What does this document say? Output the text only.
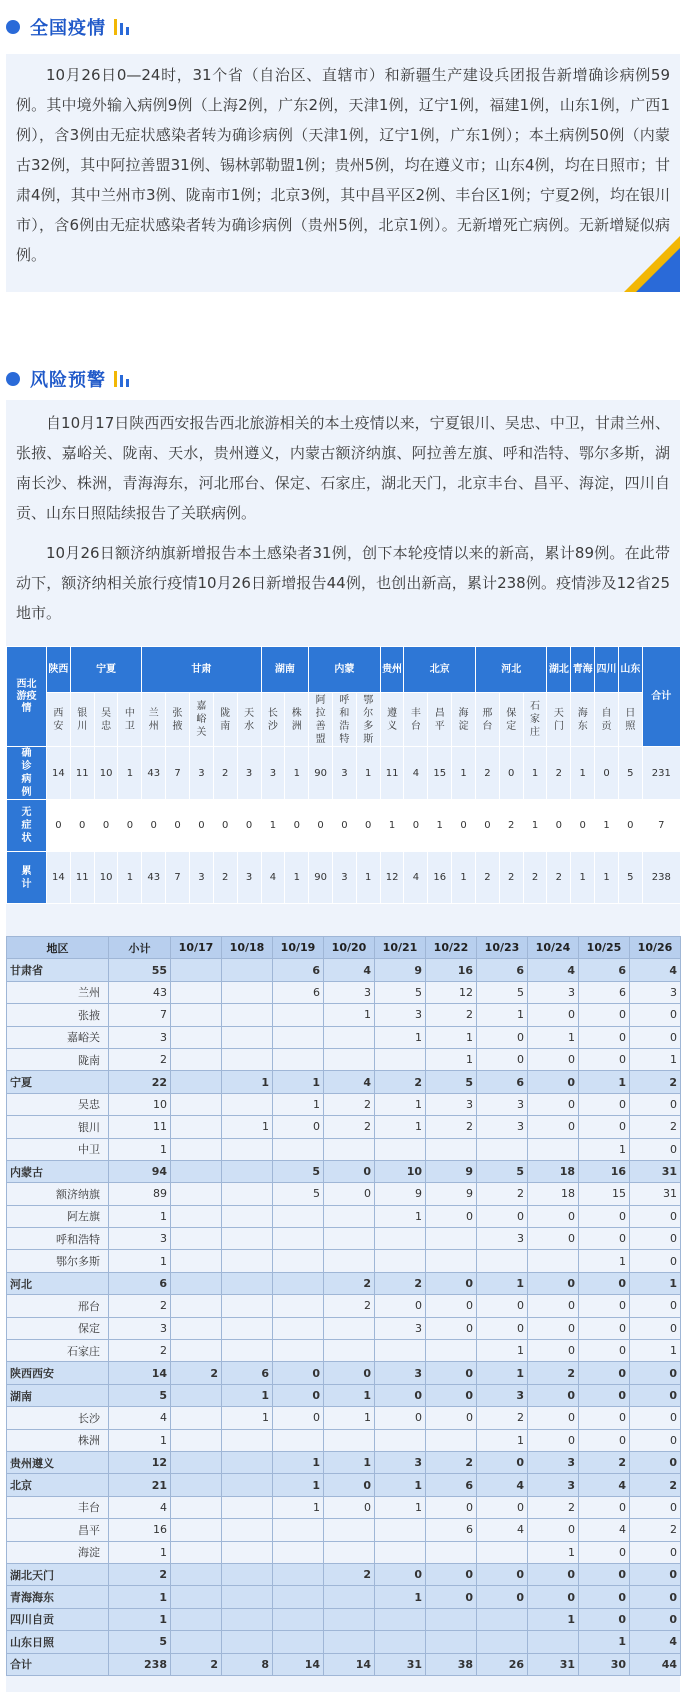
全国疫情

10月26日0—24时，31个省（自治区、直辖市）和新疆生产建设兵团报告新增确诊病例59例。其中境外输入病例9例（上海2例，广东2例，天津1例，辽宁1例，福建1例，山东1例，广西1例），含3例由无症状感染者转为确诊病例（天津1例，辽宁1例，广东1例）；本土病例50例（内蒙古32例，其中阿拉善盟31例、锡林郭勒盟1例；贵州5例，均在遵义市；山东4例，均在日照市；甘肃4例，其中兰州市3例、陇南市1例；北京3例，其中昌平区2例、丰台区1例；宁夏2例，均在银川市），含6例由无症状感染者转为确诊病例（贵州5例，北京1例）。无新增死亡病例。无新增疑似病例。

风险预警

自10月17日陕西西安报告西北旅游相关的本土疫情以来，宁夏银川、吴忠、中卫，甘肃兰州、张掖、嘉峪关、陇南、天水，贵州遵义，内蒙古额济纳旗、阿拉善左旗、呼和浩特、鄂尔多斯，湖南长沙、株洲，青海海东，河北邢台、保定、石家庄，湖北天门，北京丰台、昌平、海淀，四川自贡、山东日照陆续报告了关联病例。

10月26日额济纳旗新增报告本土感染者31例，创下本轮疫情以来的新高，累计89例。在此带动下，额济纳相关旅行疫情10月26日新增报告44例，也创出新高，累计238例。疫情涉及12省25地市。

西北游疫情	陕西	宁夏			甘肃					湖南		内蒙			贵州	北京			河北			湖北	青海	四川	山东	合计
	西安	银川	吴忠	中卫	兰州	张掖	嘉峪关	陇南	天水	长沙	株洲	阿拉善盟	呼和浩特	鄂尔多斯	遵义	丰台	昌平	海淀	邢台	保定	石家庄	天门	海东	自贡	日照	
确诊病例	14	11	10	1	43	7	3	2	3	3	1	90	3	1	11	4	15	1	2	0	1	2	1	0	5	231
无症状	0	0	0	0	0	0	0	0	0	1	0	0	0	0	1	0	1	0	0	2	1	0	0	1	0	7
累计	14	11	10	1	43	7	3	2	3	4	1	90	3	1	12	4	16	1	2	2	2	2	1	1	5	238
地区	小计	10/17	10/18	10/19	10/20	10/21	10/22	10/23	10/24	10/25	10/26
甘肃省	55			6	4	9	16	6	4	6	4
兰州	43			6	3	5	12	5	3	6	3
张掖	7				1	3	2	1	0	0	0
嘉峪关	3					1	1	0	1	0	0
陇南	2						1	0	0	0	1
宁夏	22		1	1	4	2	5	6	0	1	2
吴忠	10			1	2	1	3	3	0	0	0
银川	11		1	0	2	1	2	3	0	0	2
中卫	1									1	0
内蒙古	94			5	0	10	9	5	18	16	31
额济纳旗	89			5	0	9	9	2	18	15	31
阿左旗	1					1	0	0	0	0	0
呼和浩特	3							3	0	0	0
鄂尔多斯	1									1	0
河北	6				2	2	0	1	0	0	1
邢台	2				2	0	0	0	0	0	0
保定	3					3	0	0	0	0	0
石家庄	2							1	0	0	1
陕西西安	14	2	6	0	0	3	0	1	2	0	0
湖南	5		1	0	1	0	0	3	0	0	0
长沙	4		1	0	1	0	0	2	0	0	0
株洲	1							1	0	0	0
贵州遵义	12			1	1	3	2	0	3	2	0
北京	21			1	0	1	6	4	3	4	2
丰台	4			1	0	1	0	0	2	0	0
昌平	16						6	4	0	4	2
海淀	1								1	0	0
湖北天门	2				2	0	0	0	0	0	0
青海海东	1					1	0	0	0	0	0
四川自贡	1								1	0	0
山东日照	5									1	4
合计	238	2	8	14	14	31	38	26	31	30	44
